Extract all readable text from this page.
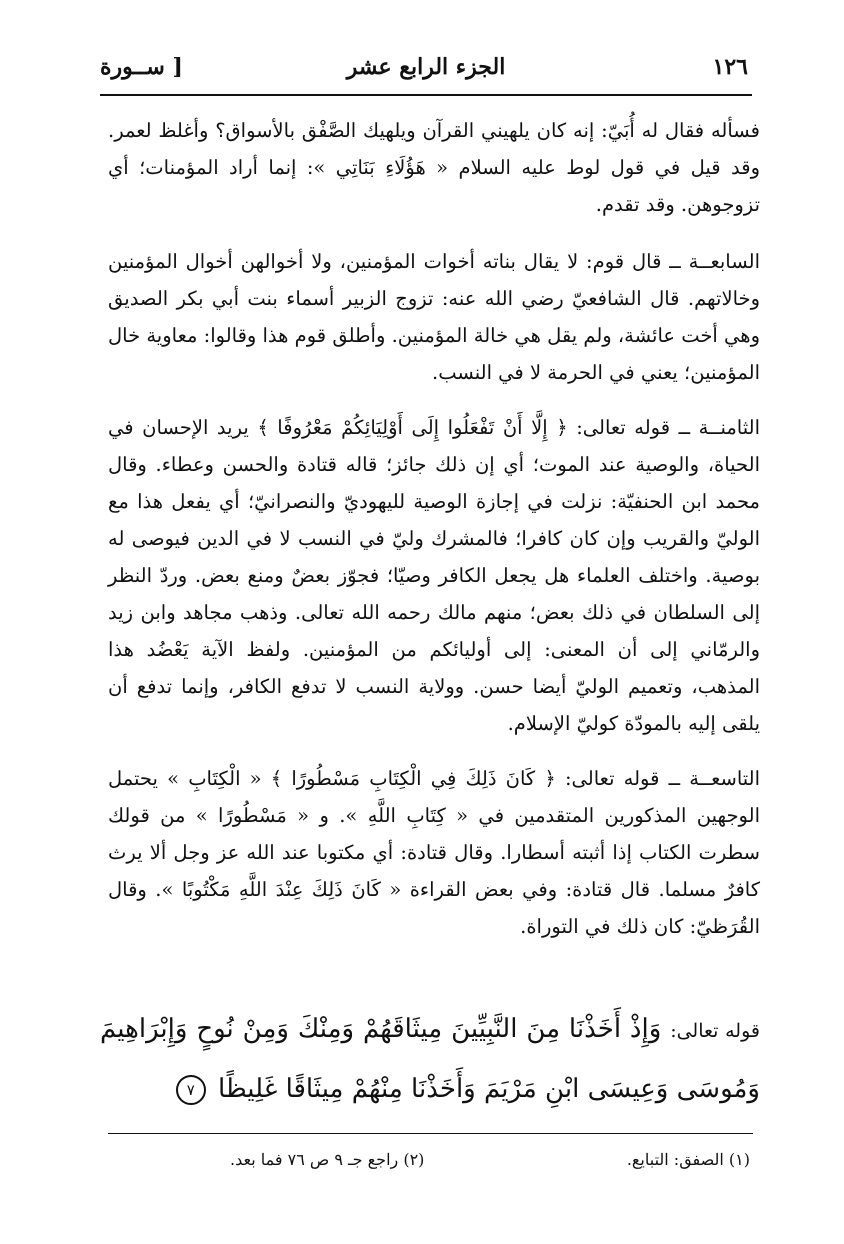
١٢٦
الجزء الرابع عشر
[ ســورة

فسأله فقال له أُبَيّ: إنه كان يلهيني القرآن ويلهيك الصَّفْق بالأسواق؟ وأغلظ لعمر. وقد قيل في قول لوط عليه السلام « هَؤُلَاءِ بَنَاتِي »: إنما أراد المؤمنات؛ أي تزوجوهن. وقد تقدم.

السابعــة ــ قال قوم: لا يقال بناته أخوات المؤمنين، ولا أخوالهن أخوال المؤمنين وخالاتهم. قال الشافعيّ رضي الله عنه: تزوج الزبير أسماء بنت أبي بكر الصديق وهي أخت عائشة، ولم يقل هي خالة المؤمنين. وأطلق قوم هذا وقالوا: معاوية خال المؤمنين؛ يعني في الحرمة لا في النسب.

الثامنــة ــ قوله تعالى: ﴿ إِلَّا أَنْ تَفْعَلُوا إِلَى أَوْلِيَائِكُمْ مَعْرُوفًا ﴾ يريد الإحسان في الحياة، والوصية عند الموت؛ أي إن ذلك جائز؛ قاله قتادة والحسن وعطاء. وقال محمد ابن الحنفيّة: نزلت في إجازة الوصية لليهوديّ والنصرانيّ؛ أي يفعل هذا مع الوليّ والقريب وإن كان كافرا؛ فالمشرك وليّ في النسب لا في الدين فيوصى له بوصية. واختلف العلماء هل يجعل الكافر وصيّا؛ فجوّز بعضٌ ومنع بعض. وردّ النظر إلى السلطان في ذلك بعض؛ منهم مالك رحمه الله تعالى. وذهب مجاهد وابن زيد والرمّاني إلى أن المعنى: إلى أوليائكم من المؤمنين. ولفظ الآية يَعْضُد هذا المذهب، وتعميم الوليّ أيضا حسن. وولاية النسب لا تدفع الكافر، وإنما تدفع أن يلقى إليه بالمودّة كوليّ الإسلام.

التاسعــة ــ قوله تعالى: ﴿ كَانَ ذَلِكَ فِي الْكِتَابِ مَسْطُورًا ﴾ « الْكِتَابِ » يحتمل الوجهين المذكورين المتقدمين في « كِتَابِ اللَّهِ ». و « مَسْطُورًا » من قولك سطرت الكتاب إذا أثبته أسطارا. وقال قتادة: أي مكتوبا عند الله عز وجل ألا يرث كافرٌ مسلما. قال قتادة: وفي بعض القراءة « كَانَ ذَلِكَ عِنْدَ اللَّهِ مَكْتُوبًا ». وقال القُرَظيّ: كان ذلك في التوراة.

قوله تعالى: وَإِذْ أَخَذْنَا مِنَ النَّبِيِّينَ مِيثَاقَهُمْ وَمِنْكَ وَمِنْ نُوحٍ وَإِبْرَاهِيمَ وَمُوسَى وَعِيسَى ابْنِ مَرْيَمَ وَأَخَذْنَا مِنْهُمْ مِيثَاقًا غَلِيظًا ٧
(١) الصفق: التبايع.
(٢) راجع جـ ٩ ص ٧٦ فما بعد.
